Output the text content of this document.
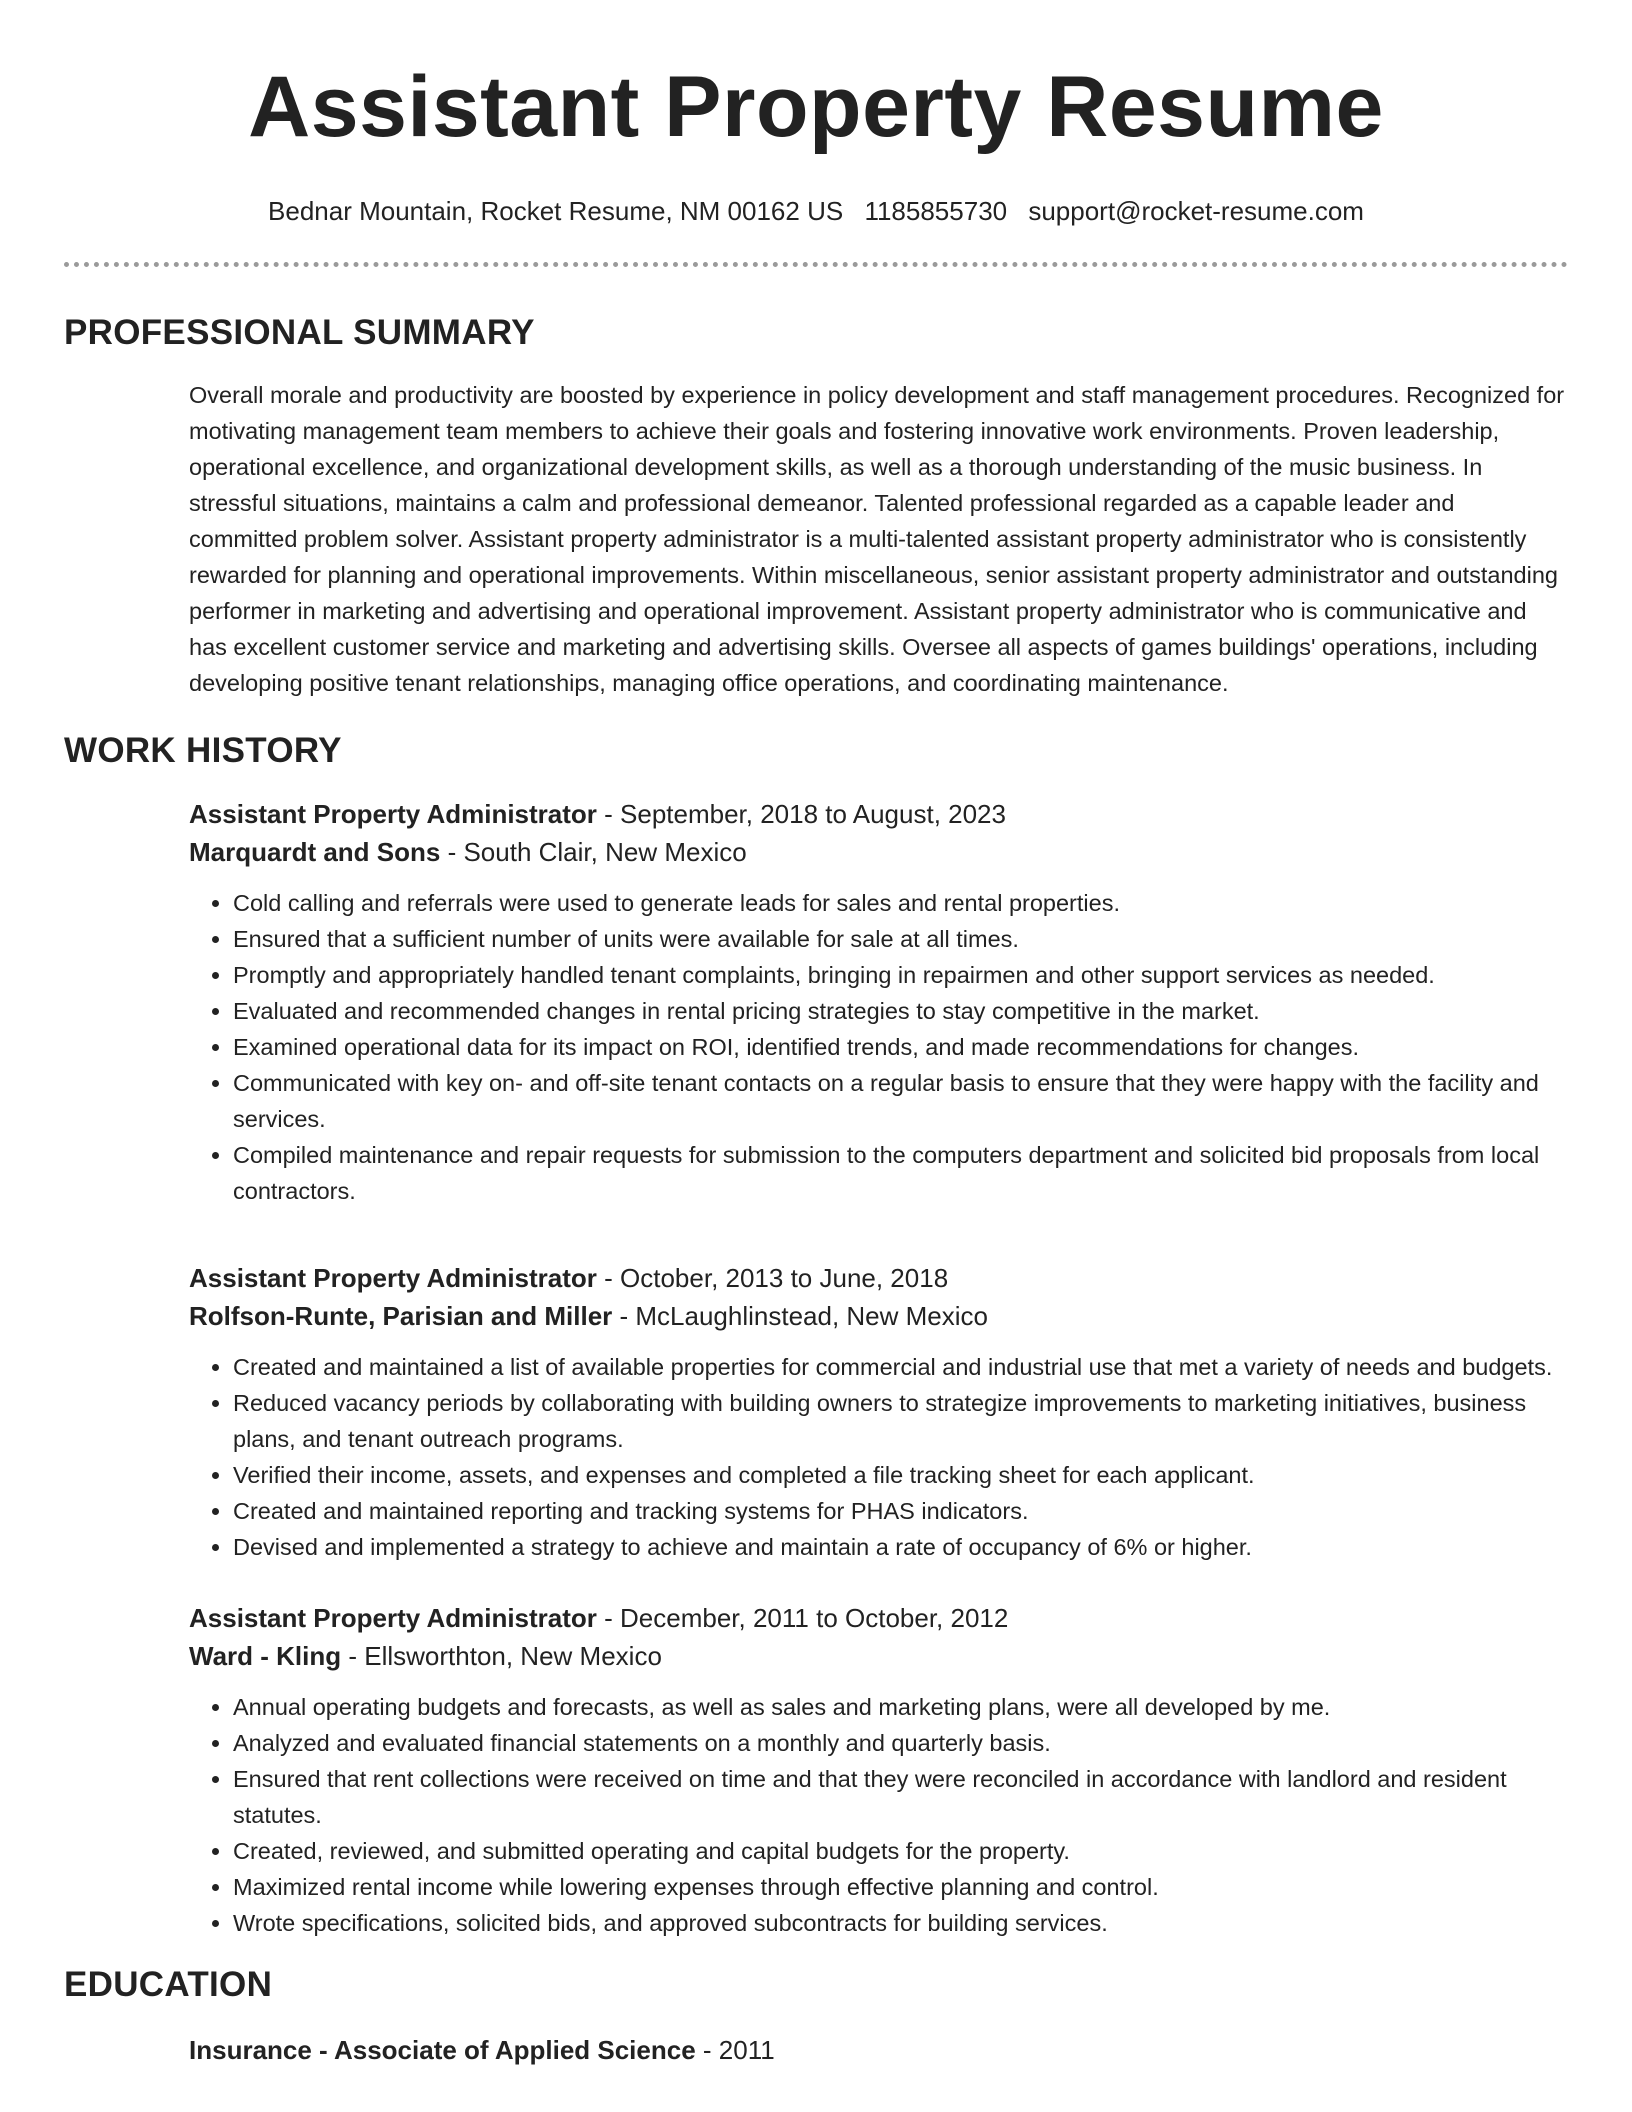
Assistant Property Resume
Bednar Mountain, Rocket Resume, NM 00162 US 1185855730 support@rocket-resume.com
PROFESSIONAL SUMMARY
Overall morale and productivity are boosted by experience in policy development and staff management procedures. Recognized for motivating management team members to achieve their goals and fostering innovative work environments. Proven leadership, operational excellence, and organizational development skills, as well as a thorough understanding of the music business. In stressful situations, maintains a calm and professional demeanor. Talented professional regarded as a capable leader and committed problem solver. Assistant property administrator is a multi-talented assistant property administrator who is consistently rewarded for planning and operational improvements. Within miscellaneous, senior assistant property administrator and outstanding performer in marketing and advertising and operational improvement. Assistant property administrator who is communicative and has excellent customer service and marketing and advertising skills. Oversee all aspects of games buildings' operations, including developing positive tenant relationships, managing office operations, and coordinating maintenance.
WORK HISTORY
Assistant Property Administrator - September, 2018 to August, 2023
Marquardt and Sons - South Clair, New Mexico
• Cold calling and referrals were used to generate leads for sales and rental properties.
• Ensured that a sufficient number of units were available for sale at all times.
• Promptly and appropriately handled tenant complaints, bringing in repairmen and other support services as needed.
• Evaluated and recommended changes in rental pricing strategies to stay competitive in the market.
• Examined operational data for its impact on ROI, identified trends, and made recommendations for changes.
• Communicated with key on- and off-site tenant contacts on a regular basis to ensure that they were happy with the facility and services.
• Compiled maintenance and repair requests for submission to the computers department and solicited bid proposals from local contractors.
Assistant Property Administrator - October, 2013 to June, 2018
Rolfson-Runte, Parisian and Miller - McLaughlinstead, New Mexico
• Created and maintained a list of available properties for commercial and industrial use that met a variety of needs and budgets.
• Reduced vacancy periods by collaborating with building owners to strategize improvements to marketing initiatives, business plans, and tenant outreach programs.
• Verified their income, assets, and expenses and completed a file tracking sheet for each applicant.
• Created and maintained reporting and tracking systems for PHAS indicators.
• Devised and implemented a strategy to achieve and maintain a rate of occupancy of 6% or higher.
Assistant Property Administrator - December, 2011 to October, 2012
Ward - Kling - Ellsworthton, New Mexico
• Annual operating budgets and forecasts, as well as sales and marketing plans, were all developed by me.
• Analyzed and evaluated financial statements on a monthly and quarterly basis.
• Ensured that rent collections were received on time and that they were reconciled in accordance with landlord and resident statutes.
• Created, reviewed, and submitted operating and capital budgets for the property.
• Maximized rental income while lowering expenses through effective planning and control.
• Wrote specifications, solicited bids, and approved subcontracts for building services.
EDUCATION
Insurance - Associate of Applied Science - 2011
